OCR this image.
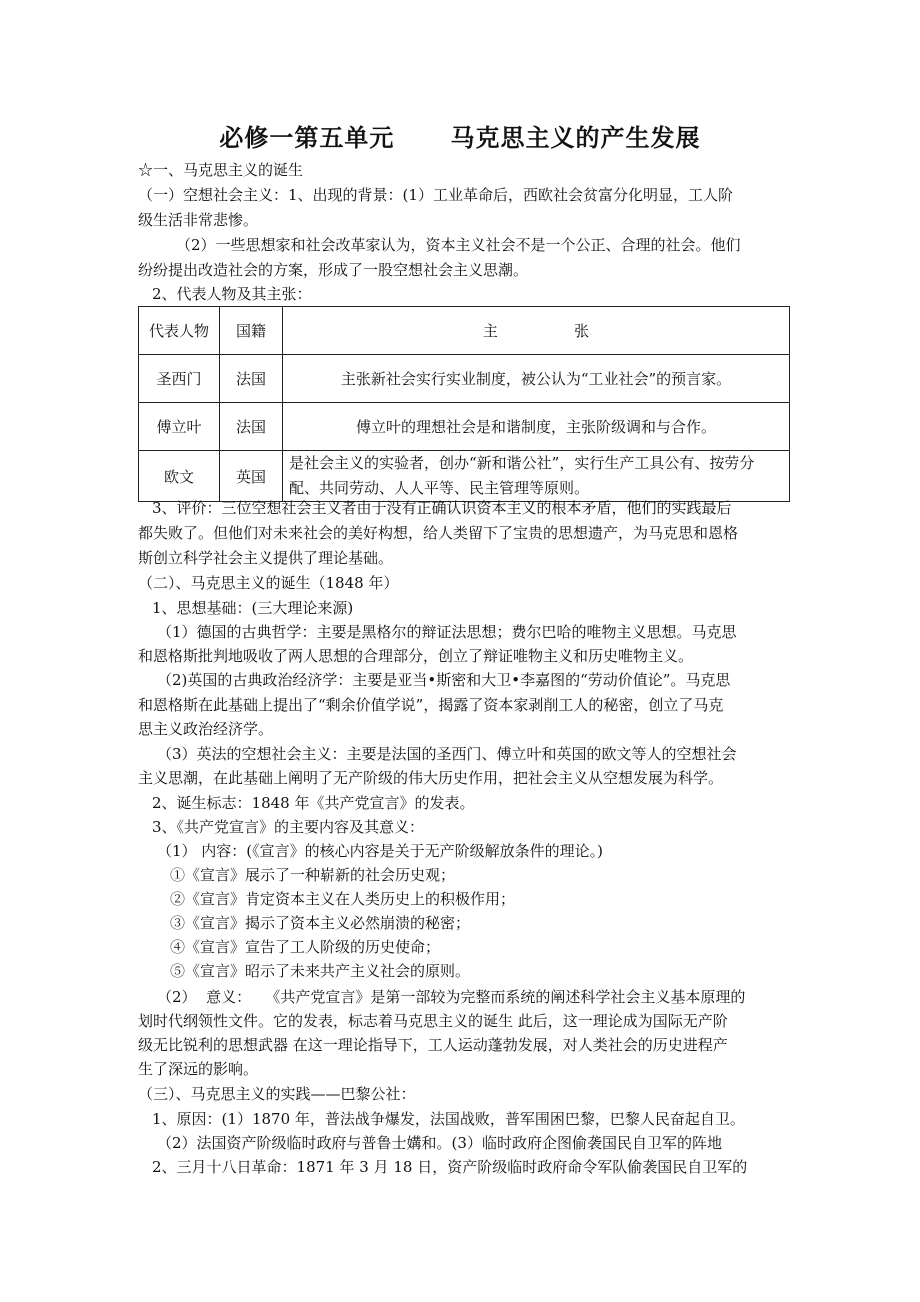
必修一第五单元      马克思主义的产生发展
☆一、马克思主义的诞生
（一）空想社会主义：1、出现的背景：(1）工业革命后，西欧社会贫富分化明显，工人阶
级生活非常悲惨。
（2）一些思想家和社会改革家认为，资本主义社会不是一个公正、合理的社会。他们
纷纷提出改造社会的方案，形成了一股空想社会主义思潮。
2、代表人物及其主张：
代表人物	国籍	主                张
圣西门	法国	主张新社会实行实业制度，被公认为“工业社会”的预言家。
傅立叶	法国	傅立叶的理想社会是和谐制度，主张阶级调和与合作。
欧文	英国	是社会主义的实验者，创办“新和谐公社”，实行生产工具公有、按劳分配、共同劳动、人人平等、民主管理等原则。
3、评价：三位空想社会主义者由于没有正确认识资本主义的根本矛盾，他们的实践最后
都失败了。但他们对未来社会的美好构想，给人类留下了宝贵的思想遗产，为马克思和恩格
斯创立科学社会主义提供了理论基础。
（二）、马克思主义的诞生（1848 年）
1、思想基础：(三大理论来源)
（1）德国的古典哲学：主要是黑格尔的辩证法思想；费尔巴哈的唯物主义思想。马克思
和恩格斯批判地吸收了两人思想的合理部分，创立了辩证唯物主义和历史唯物主义。
（2)英国的古典政治经济学：主要是亚当•斯密和大卫•李嘉图的“劳动价值论”。马克思
和恩格斯在此基础上提出了“剩余价值学说”，揭露了资本家剥削工人的秘密，创立了马克
思主义政治经济学。
（3）英法的空想社会主义：主要是法国的圣西门、傅立叶和英国的欧文等人的空想社会
主义思潮，在此基础上阐明了无产阶级的伟大历史作用，把社会主义从空想发展为科学。
2、诞生标志：1848 年《共产党宣言》的发表。
3、《共产党宣言》的主要内容及其意义：
（1） 内容：(《宣言》的核心内容是关于无产阶级解放条件的理论。)
①《宣言》展示了一种崭新的社会历史观；
②《宣言》肯定资本主义在人类历史上的积极作用；
③《宣言》揭示了资本主义必然崩溃的秘密；
④《宣言》宣告了工人阶级的历史使命；
⑤《宣言》昭示了未来共产主义社会的原则。
（2）  意义：   《共产党宣言》是第一部较为完整而系统的阐述科学社会主义基本原理的
划时代纲领性文件。它的发表，标志着马克思主义的诞生 此后，这一理论成为国际无产阶
级无比锐利的思想武器 在这一理论指导下，工人运动蓬勃发展，对人类社会的历史进程产
生了深远的影响。
（三）、马克思主义的实践——巴黎公社：
1、原因：(1）1870 年，普法战争爆发，法国战败，普军围困巴黎，巴黎人民奋起自卫。
（2）法国资产阶级临时政府与普鲁士媾和。(3）临时政府企图偷袭国民自卫军的阵地
2、三月十八日革命：1871 年 3 月 18 日，资产阶级临时政府命令军队偷袭国民自卫军的
